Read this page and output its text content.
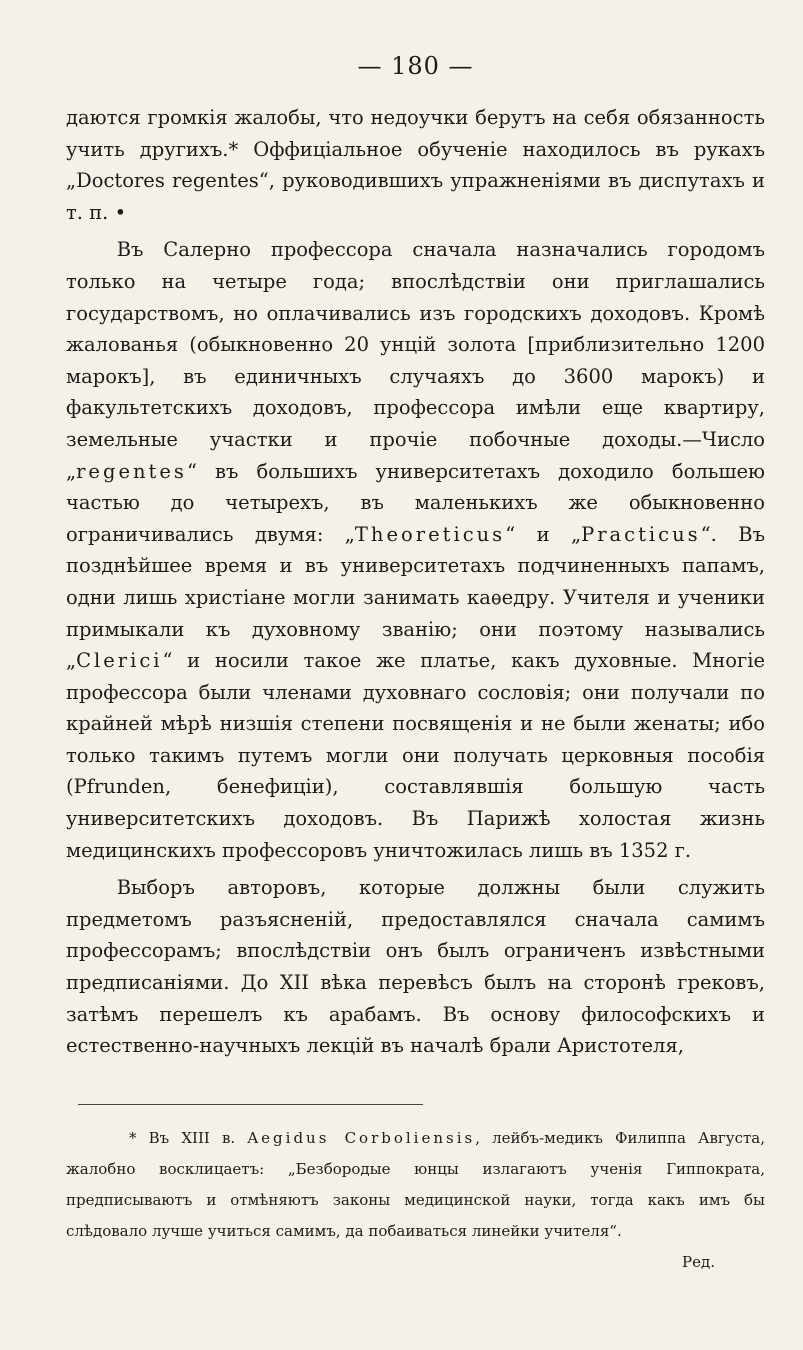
— 180 —

даются громкія жалобы, что недоучки берутъ на себя обязанность учить другихъ.* Оффиціальное обученіе находилось въ рукахъ „Doctores regentes“, руководившихъ упражненіями въ диспутахъ и т. п. •

Въ Салерно профессора сначала назначались городомъ только на четыре года; впослѣдствіи они приглашались государствомъ, но оплачивались изъ городскихъ доходовъ. Кромѣ жалованья (обыкновенно 20 унцій золота [приблизительно 1200 марокъ], въ единичныхъ случаяхъ до 3600 марокъ) и факультетскихъ доходовъ, профессора имѣли еще квартиру, земельные участки и прочіе побочные доходы.—Число „regentes“ въ большихъ университетахъ доходило большею частью до четырехъ, въ маленькихъ же обыкновенно ограничивались двумя: „Theoreticus“ и „Practicus“. Въ позднѣйшее время и въ университетахъ подчиненныхъ папамъ, одни лишь христіане могли занимать каѳедру. Учителя и ученики примыкали къ духовному званію; они поэтому назывались „Clerici“ и носили такое же платье, какъ духовные. Многіе профессора были членами духовнаго сословія; они получали по крайней мѣрѣ низшія степени посвященія и не были женаты; ибо только такимъ путемъ могли они получать церковныя пособія (Pfrunden, бенефиціи), составлявшія большую часть университетскихъ доходовъ. Въ Парижѣ холостая жизнь медицинскихъ профессоровъ уничтожилась лишь въ 1352 г.

Выборъ авторовъ, которые должны были служить предметомъ разъясненій, предоставлялся сначала самимъ профессорамъ; впослѣдствіи онъ былъ ограниченъ извѣстными предписаніями. До XII вѣка перевѣсъ былъ на сторонѣ грековъ, затѣмъ перешелъ къ арабамъ. Въ основу философскихъ и естественно-научныхъ лекцій въ началѣ брали Аристотеля,

* Въ XIII в. Aegidus Corboliensis, лейбъ-медикъ Филиппа Августа, жалобно восклицаетъ: „Безбородые юнцы излагаютъ ученія Гиппократа, предписываютъ и отмѣняютъ законы медицинской науки, тогда какъ имъ бы слѣдовало лучше учиться самимъ, да побаиваться линейки учителя“.
Ред.
